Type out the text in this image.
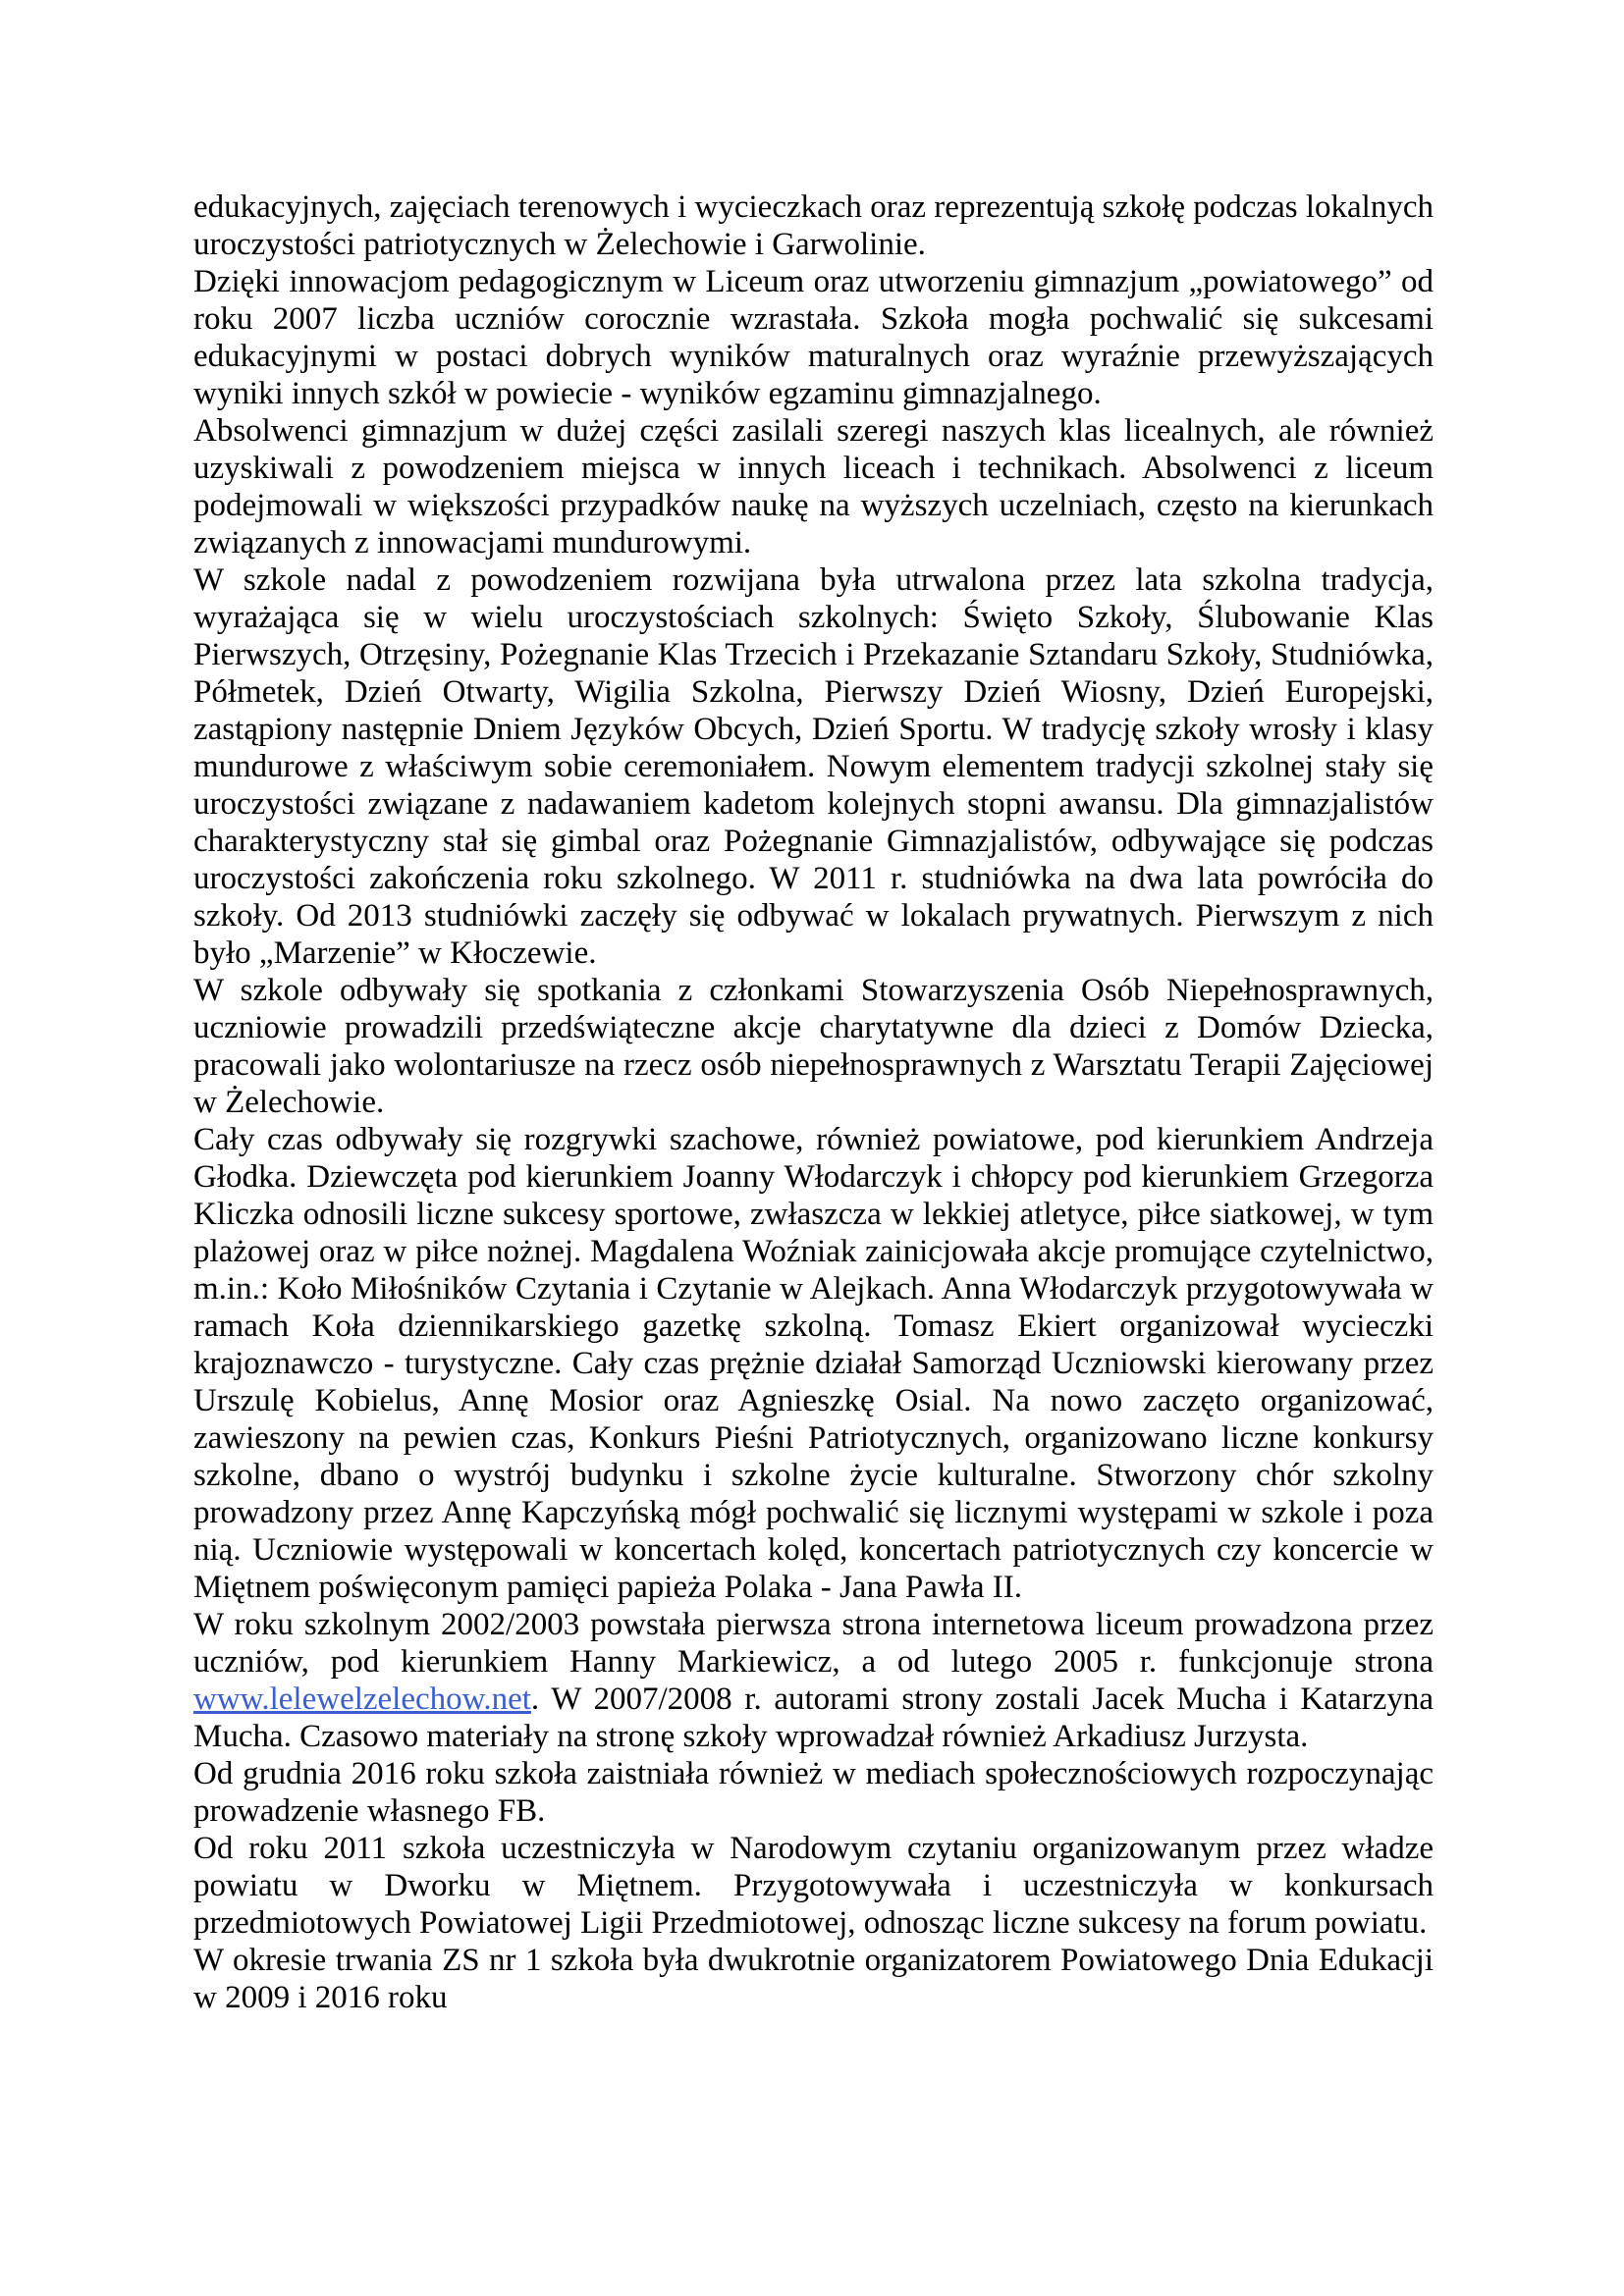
edukacyjnych, zajęciach terenowych i wycieczkach oraz reprezentują szkołę podczas lokalnych uroczystości patriotycznych w Żelechowie i Garwolinie.

Dzięki innowacjom pedagogicznym w Liceum oraz utworzeniu gimnazjum „powiatowego” od roku 2007 liczba uczniów corocznie wzrastała. Szkoła mogła pochwalić się sukcesami edukacyjnymi w postaci dobrych wyników maturalnych oraz wyraźnie przewyższających wyniki innych szkół w powiecie - wyników egzaminu gimnazjalnego.

Absolwenci gimnazjum w dużej części zasilali szeregi naszych klas licealnych, ale również uzyskiwali z powodzeniem miejsca w innych liceach i technikach. Absolwenci z liceum podejmowali w większości przypadków naukę na wyższych uczelniach, często na kierunkach związanych z innowacjami mundurowymi.

W szkole nadal z powodzeniem rozwijana była utrwalona przez lata szkolna tradycja, wyrażająca się w wielu uroczystościach szkolnych: Święto Szkoły, Ślubowanie Klas Pierwszych, Otrzęsiny, Pożegnanie Klas Trzecich i Przekazanie Sztandaru Szkoły, Studniówka, Półmetek, Dzień Otwarty, Wigilia Szkolna, Pierwszy Dzień Wiosny, Dzień Europejski, zastąpiony następnie Dniem Języków Obcych, Dzień Sportu. W tradycję szkoły wrosły i klasy mundurowe z właściwym sobie ceremoniałem. Nowym elementem tradycji szkolnej stały się uroczystości związane z nadawaniem kadetom kolejnych stopni awansu. Dla gimnazjalistów charakterystyczny stał się gimbal oraz Pożegnanie Gimnazjalistów, odbywające się podczas uroczystości zakończenia roku szkolnego. W 2011 r. studniówka na dwa lata powróciła do szkoły. Od 2013 studniówki zaczęły się odbywać w lokalach prywatnych. Pierwszym z nich było „Marzenie” w Kłoczewie.

W szkole odbywały się spotkania z członkami Stowarzyszenia Osób Niepełnosprawnych, uczniowie prowadzili przedświąteczne akcje charytatywne dla dzieci z Domów Dziecka, pracowali jako wolontariusze na rzecz osób niepełnosprawnych z Warsztatu Terapii Zajęciowej w Żelechowie.

Cały czas odbywały się rozgrywki szachowe, również powiatowe, pod kierunkiem Andrzeja Głodka. Dziewczęta pod kierunkiem Joanny Włodarczyk i chłopcy pod kierunkiem Grzegorza Kliczka odnosili liczne sukcesy sportowe, zwłaszcza w lekkiej atletyce, piłce siatkowej, w tym plażowej oraz w piłce nożnej. Magdalena Woźniak zainicjowała akcje promujące czytelnictwo, m.in.: Koło Miłośników Czytania i Czytanie w Alejkach. Anna Włodarczyk przygotowywała w ramach Koła dziennikarskiego gazetkę szkolną. Tomasz Ekiert organizował wycieczki krajoznawczo - turystyczne. Cały czas prężnie działał Samorząd Uczniowski kierowany przez Urszulę Kobielus, Annę Mosior oraz Agnieszkę Osial. Na nowo zaczęto organizować, zawieszony na pewien czas, Konkurs Pieśni Patriotycznych, organizowano liczne konkursy szkolne, dbano o wystrój budynku i szkolne życie kulturalne. Stworzony chór szkolny prowadzony przez Annę Kapczyńską mógł pochwalić się licznymi występami w szkole i poza nią. Uczniowie występowali w koncertach kolęd, koncertach patriotycznych czy koncercie w Miętnem poświęconym pamięci papieża Polaka - Jana Pawła II.

W roku szkolnym 2002/2003 powstała pierwsza strona internetowa liceum prowadzona przez uczniów, pod kierunkiem Hanny Markiewicz, a od lutego 2005 r. funkcjonuje strona www.lelewelzelechow.net. W 2007/2008 r. autorami strony zostali Jacek Mucha i Katarzyna Mucha. Czasowo materiały na stronę szkoły wprowadzał również Arkadiusz Jurzysta.

Od grudnia 2016 roku szkoła zaistniała również w mediach społecznościowych rozpoczynając prowadzenie własnego FB.

Od roku 2011 szkoła uczestniczyła w Narodowym czytaniu organizowanym przez władze powiatu w Dworku w Miętnem. Przygotowywała i uczestniczyła w konkursach przedmiotowych Powiatowej Ligii Przedmiotowej, odnosząc liczne sukcesy na forum powiatu.

W okresie trwania ZS nr 1 szkoła była dwukrotnie organizatorem Powiatowego Dnia Edukacji w 2009 i 2016 roku
